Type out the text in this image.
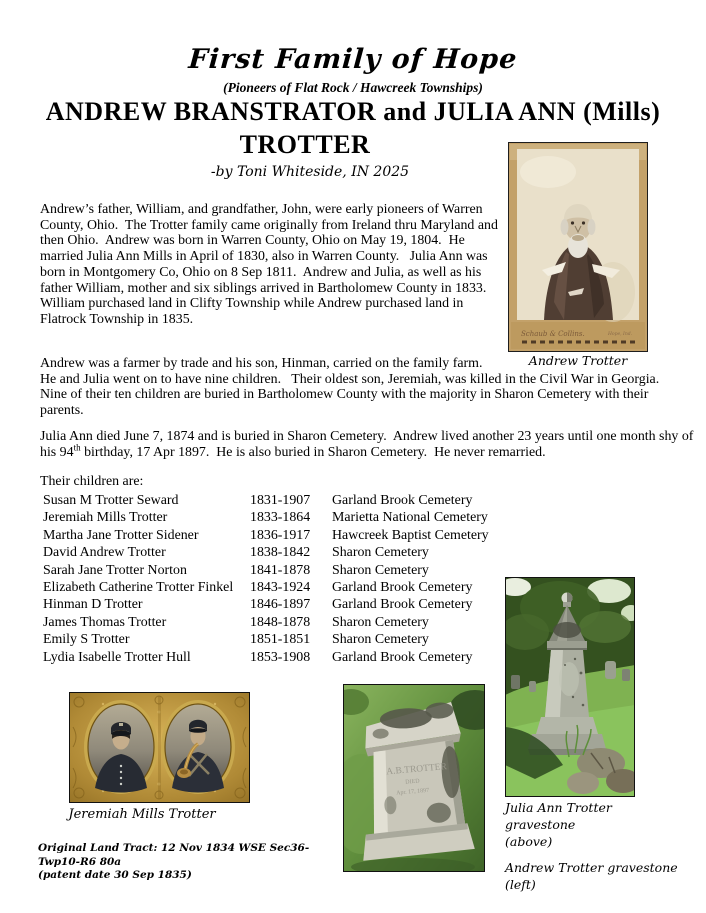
First Family of Hope
(Pioneers of Flat Rock / Hawcreek Townships)
ANDREW BRANSTRATOR and JULIA ANN (Mills)
TROTTER
-by Toni Whiteside, IN 2025
Schaub & Collins.	Hope, Ind.
Andrew Trotter

Andrew’s father, William, and grandfather, John, were early pioneers of Warren County, Ohio.  The Trotter family came originally from Ireland thru Maryland and then Ohio.  Andrew was born in Warren County, Ohio on May 19, 1804.  He married Julia Ann Mills in April of 1830, also in Warren County.   Julia Ann was born in Montgomery Co, Ohio on 8 Sep 1811.  Andrew and Julia, as well as his father William, mother and six siblings arrived in Bartholomew County in 1833.  William purchased land in Clifty Township while Andrew purchased land in Flatrock Township in 1835.

Andrew was a farmer by trade and his son, Hinman, carried on the family farm.  He and Julia went on to have nine children.   Their oldest son, Jeremiah, was killed in the Civil War in Georgia.  Nine of their ten children are buried in Bartholomew County with the majority in Sharon Cemetery with their parents.

Julia Ann died June 7, 1874 and is buried in Sharon Cemetery.  Andrew lived another 23 years until one month shy of his 94th birthday, 17 Apr 1897.  He is also buried in Sharon Cemetery.  He never remarried.

Their children are:
Susan M Trotter Seward	1831-1907	Garland Brook Cemetery
Jeremiah Mills Trotter	1833-1864	Marietta National Cemetery
Martha Jane Trotter Sidener	1836-1917	Hawcreek Baptist Cemetery
David Andrew Trotter	1838-1842	Sharon Cemetery
Sarah Jane Trotter Norton	1841-1878	Sharon Cemetery
Elizabeth Catherine Trotter Finkel	1843-1924	Garland Brook Cemetery
Hinman D Trotter	1846-1897	Garland Brook Cemetery
James Thomas Trotter	1848-1878	Sharon Cemetery
Emily S Trotter	1851-1851	Sharon Cemetery
Lydia Isabelle Trotter Hull	1853-1908	Garland Brook Cemetery
Jeremiah Mills Trotter
A.B.TROTTER
DIED
Apr. 17, 1897
Julia Ann Trotter gravestone
(above)
Andrew Trotter gravestone
(left)
Original Land Tract: 12 Nov 1834 WSE Sec36-Twp10-R6 80a
(patent date 30 Sep 1835)
